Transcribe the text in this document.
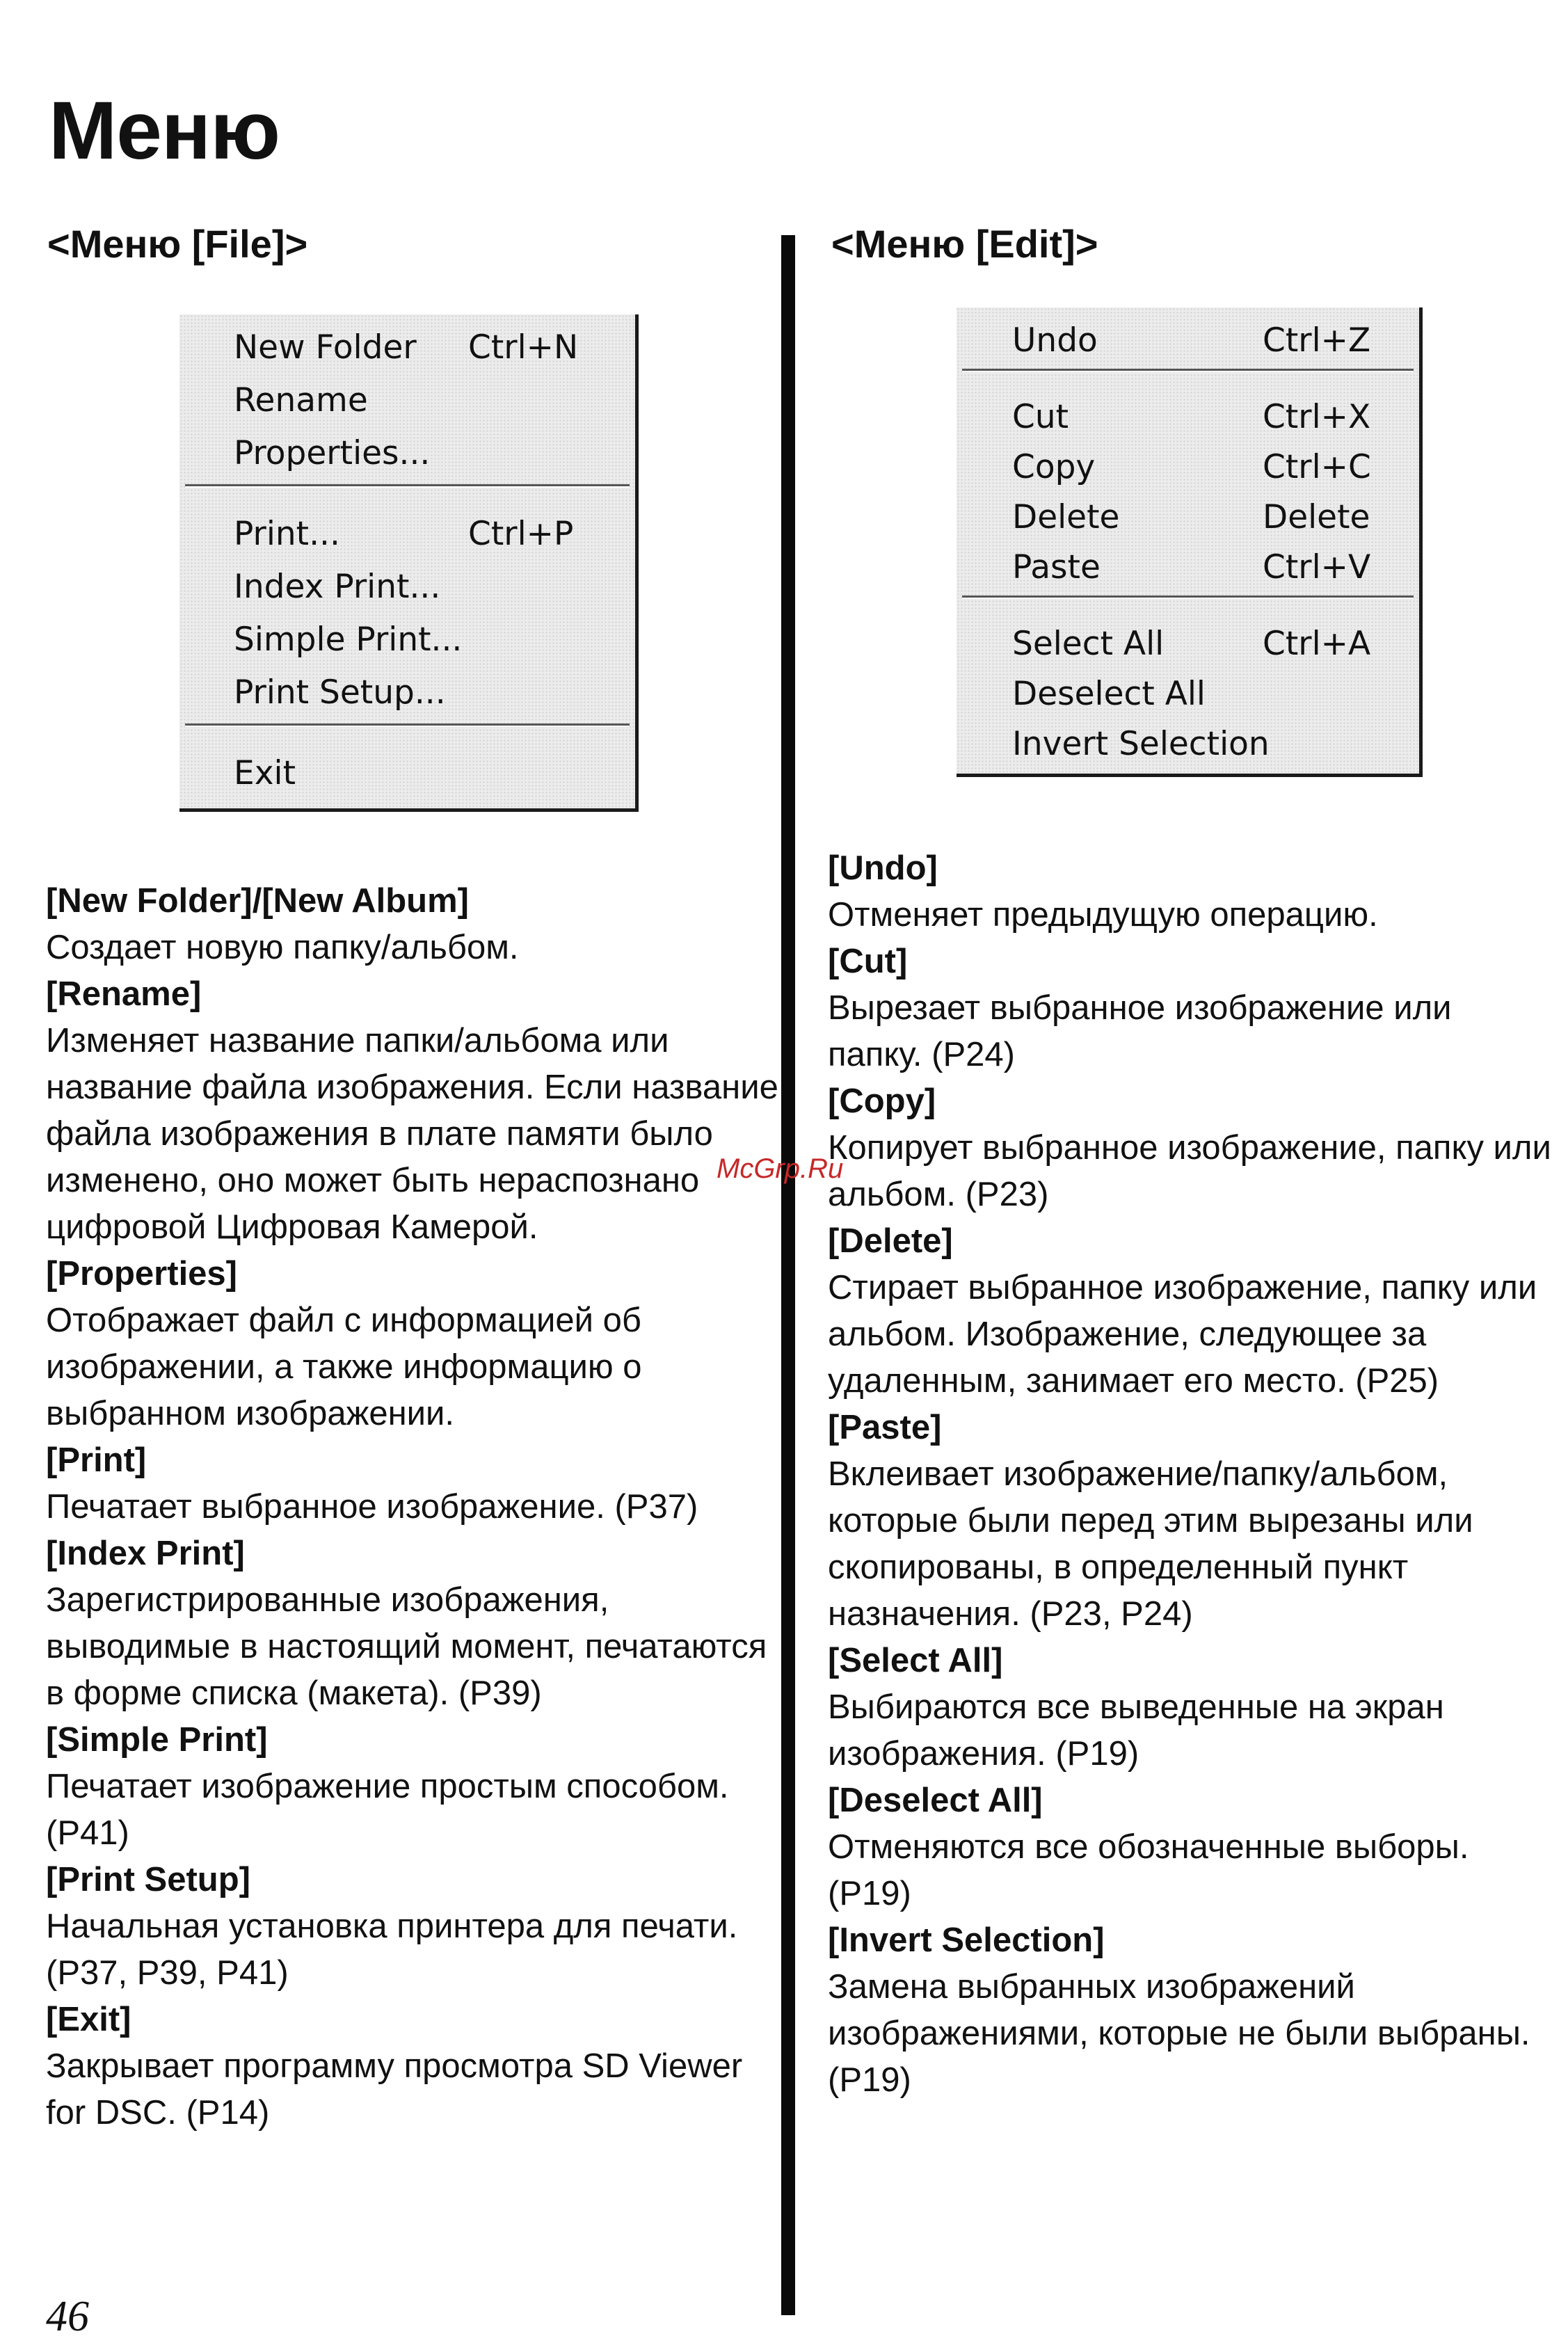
Меню
<Меню [File]>	<Меню [Edit]>
New Folder Ctrl+N
Rename
Properties...
Print...	Ctrl+P
Index Print...
Simple Print...
Print Setup...
Exit
Undo	Ctrl+Z
Cut	Ctrl+X
Copy	Ctrl+C
Delete	Delete
Paste	Ctrl+V
Select All	Ctrl+A
Deselect All
Invert Selection

[New Folder]/[New Album]
Создает новую папку/альбом.

[Rename]
Изменяет название папки/альбома или название файла изображения. Если название файла изображения в плате памяти было изменено, оно может быть нераспознано цифровой Цифровая Камерой.

[Properties]
Отображает файл с информацией об изображении, а также информацию о выбранном изображении.

[Print]
Печатает выбранное изображение. (P37)

[Index Print]
Зарегистрированные изображения, выводимые в настоящий момент, печатаются в форме списка (макета). (P39)

[Simple Print]
Печатает изображение простым способом. (P41)

[Print Setup]
Начальная установка принтера для печати. (P37, P39, P41)

[Exit]
Закрывает программу просмотра SD Viewer for DSC. (P14)

[Undo]
Отменяет предыдущую операцию.

[Cut]
Вырезает выбранное изображение или папку. (P24)

[Copy]
Копирует выбранное изображение, папку или альбом. (P23)

[Delete]
Стирает выбранное изображение, папку или альбом. Изображение, следующее за удаленным, занимает его место. (P25)

[Paste]
Вклеивает изображение/папку/альбом, которые были перед этим вырезаны или скопированы, в определенный пункт назначения. (P23, P24)

[Select All]
Выбираются все выведенные на экран изображения. (P19)

[Deselect All]
Отменяются все обозначенные выборы. (P19)

[Invert Selection]
Замена выбранных изображений изображениями, которые не были выбраны. (P19)

McGrp.Ru
46
